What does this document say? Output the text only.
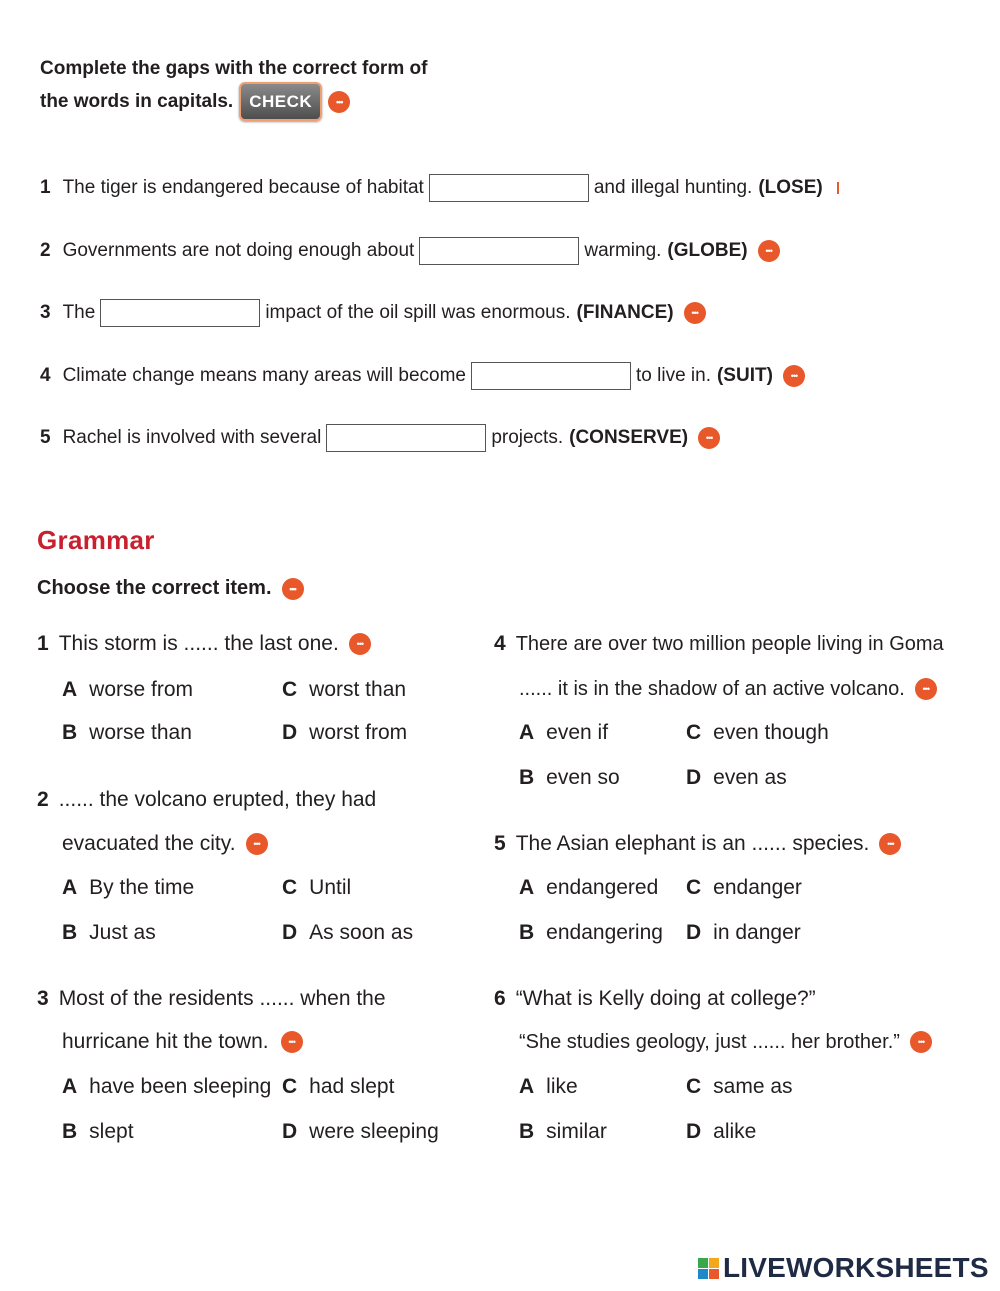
Complete the gaps with the correct form of
the words in capitals. CHECK
•••
1 The tiger is endangered because of habitat	and illegal hunting. (LOSE)
2 Governments are not doing enough about	warming. (GLOBE)
•••
3 The	impact of the oil spill was enormous. (FINANCE)
•••
4 Climate change means many areas will become	to live in. (SUIT)
•••
5 Rachel is involved with several	projects. (CONSERVE)
•••
Grammar
Choose the correct item.
•••
1 This storm is ...... the last one.
•••
A worse from	C worst than
B worse than	D worst from
2 ...... the volcano erupted, they had
evacuated the city.
•••
A By the time	C Until
B Just as	D As soon as
3 Most of the residents ...... when the
hurricane hit the town.
•••
A have been sleeping C had slept
B slept	D were sleeping
4 There are over two million people living in Goma
...... it is in the shadow of an active volcano.
•••
A even if	C even though
B even so	D even as
5 The Asian elephant is an ...... species.
•••
A endangered C endanger
B endangering D in danger
6 “What is Kelly doing at college?”
“She studies geology, just ...... her brother.”
•••
A like	C same as
B similar	D alike
LIVEWORKSHEETS
